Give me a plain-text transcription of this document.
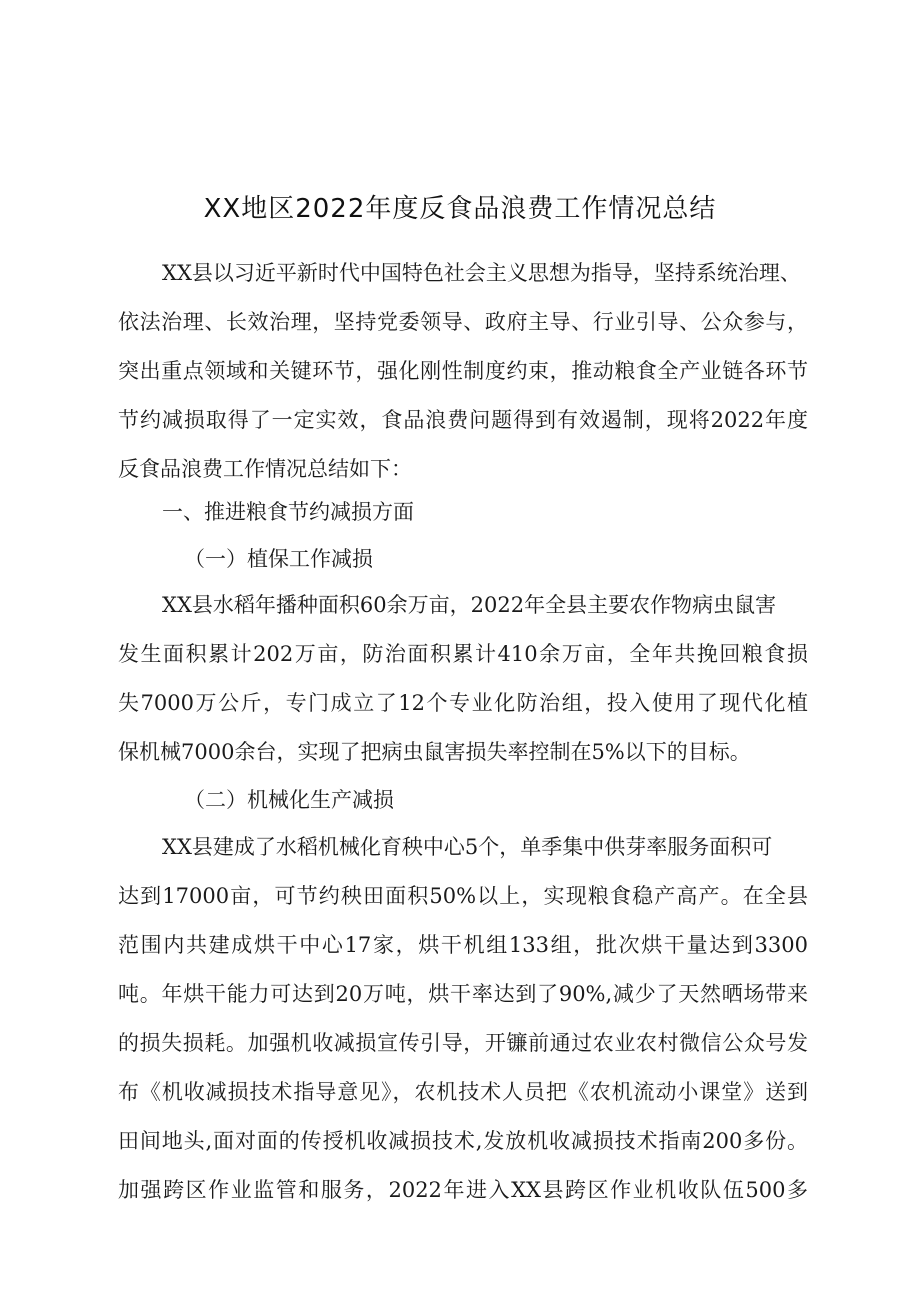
XX地区2022年度反食品浪费工作情况总结
XX县以习近平新时代中国特色社会主义思想为指导，坚持系统治理、
依法治理、长效治理，坚持党委领导、政府主导、行业引导、公众参与，
突出重点领域和关键环节，强化刚性制度约束，推动粮食全产业链各环节
节约减损取得了一定实效，食品浪费问题得到有效遏制，现将2022年度
反食品浪费工作情况总结如下：
一、推进粮食节约减损方面
（一）植保工作减损
XX县水稻年播种面积60余万亩，2022年全县主要农作物病虫鼠害
发生面积累计202万亩，防治面积累计410余万亩，全年共挽回粮食损
失7000万公斤，专门成立了12个专业化防治组，投入使用了现代化植
保机械7000余台，实现了把病虫鼠害损失率控制在5%以下的目标。
（二）机械化生产减损
XX县建成了水稻机械化育秧中心5个，单季集中供芽率服务面积可
达到17000亩，可节约秧田面积50%以上，实现粮食稳产高产。在全县
范围内共建成烘干中心17家，烘干机组133组，批次烘干量达到3300
吨。年烘干能力可达到20万吨，烘干率达到了90%,减少了天然晒场带来
的损失损耗。加强机收减损宣传引导，开镰前通过农业农村微信公众号发
布《机收减损技术指导意见》，农机技术人员把《农机流动小课堂》送到
田间地头,面对面的传授机收减损技术,发放机收减损技术指南200多份。
加强跨区作业监管和服务，2022年进入XX县跨区作业机收队伍500多
